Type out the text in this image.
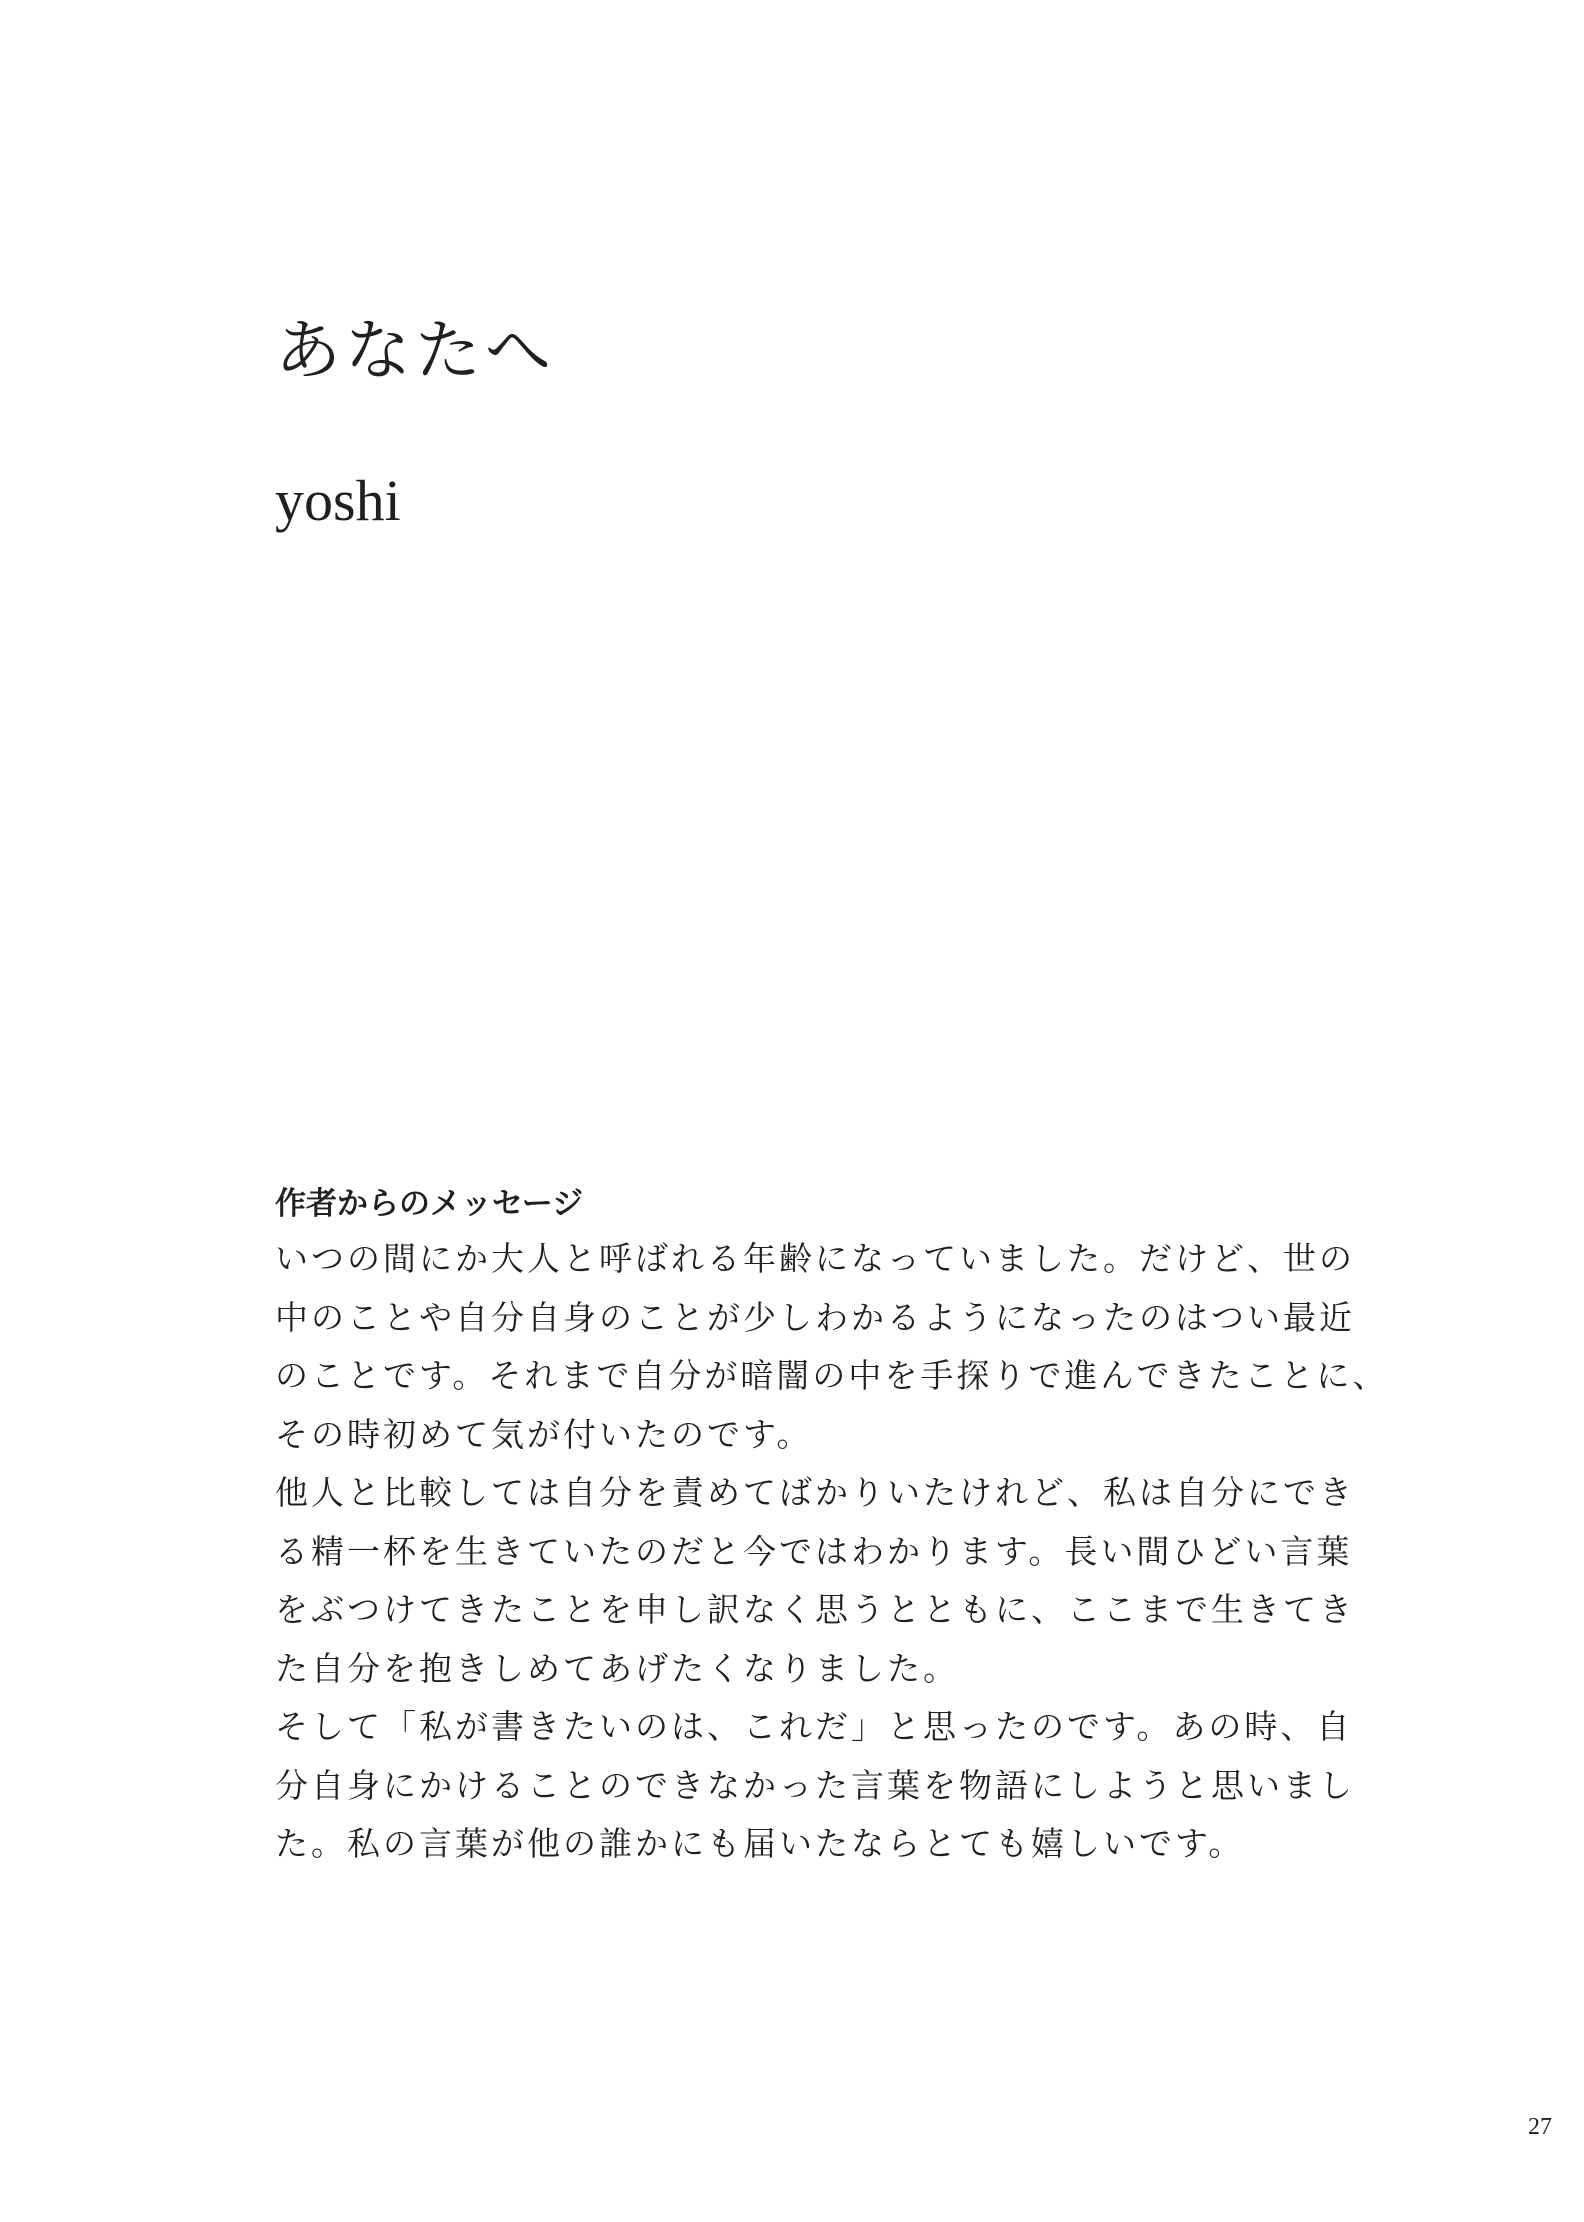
あなたへ

yoshi

作者からのメッセージ

いつの間にか大人と呼ばれる年齢になっていました。だけど、世の

中のことや自分自身のことが少しわかるようになったのはつい最近

のことです。それまで自分が暗闇の中を手探りで進んできたことに、

その時初めて気が付いたのです。

他人と比較しては自分を責めてばかりいたけれど、私は自分にでき

る精一杯を生きていたのだと今ではわかります。長い間ひどい言葉

をぶつけてきたことを申し訳なく思うとともに、ここまで生きてき

た自分を抱きしめてあげたくなりました。

そして「私が書きたいのは、これだ」と思ったのです。あの時、自

分自身にかけることのできなかった言葉を物語にしようと思いまし

た。私の言葉が他の誰かにも届いたならとても嬉しいです。

27
